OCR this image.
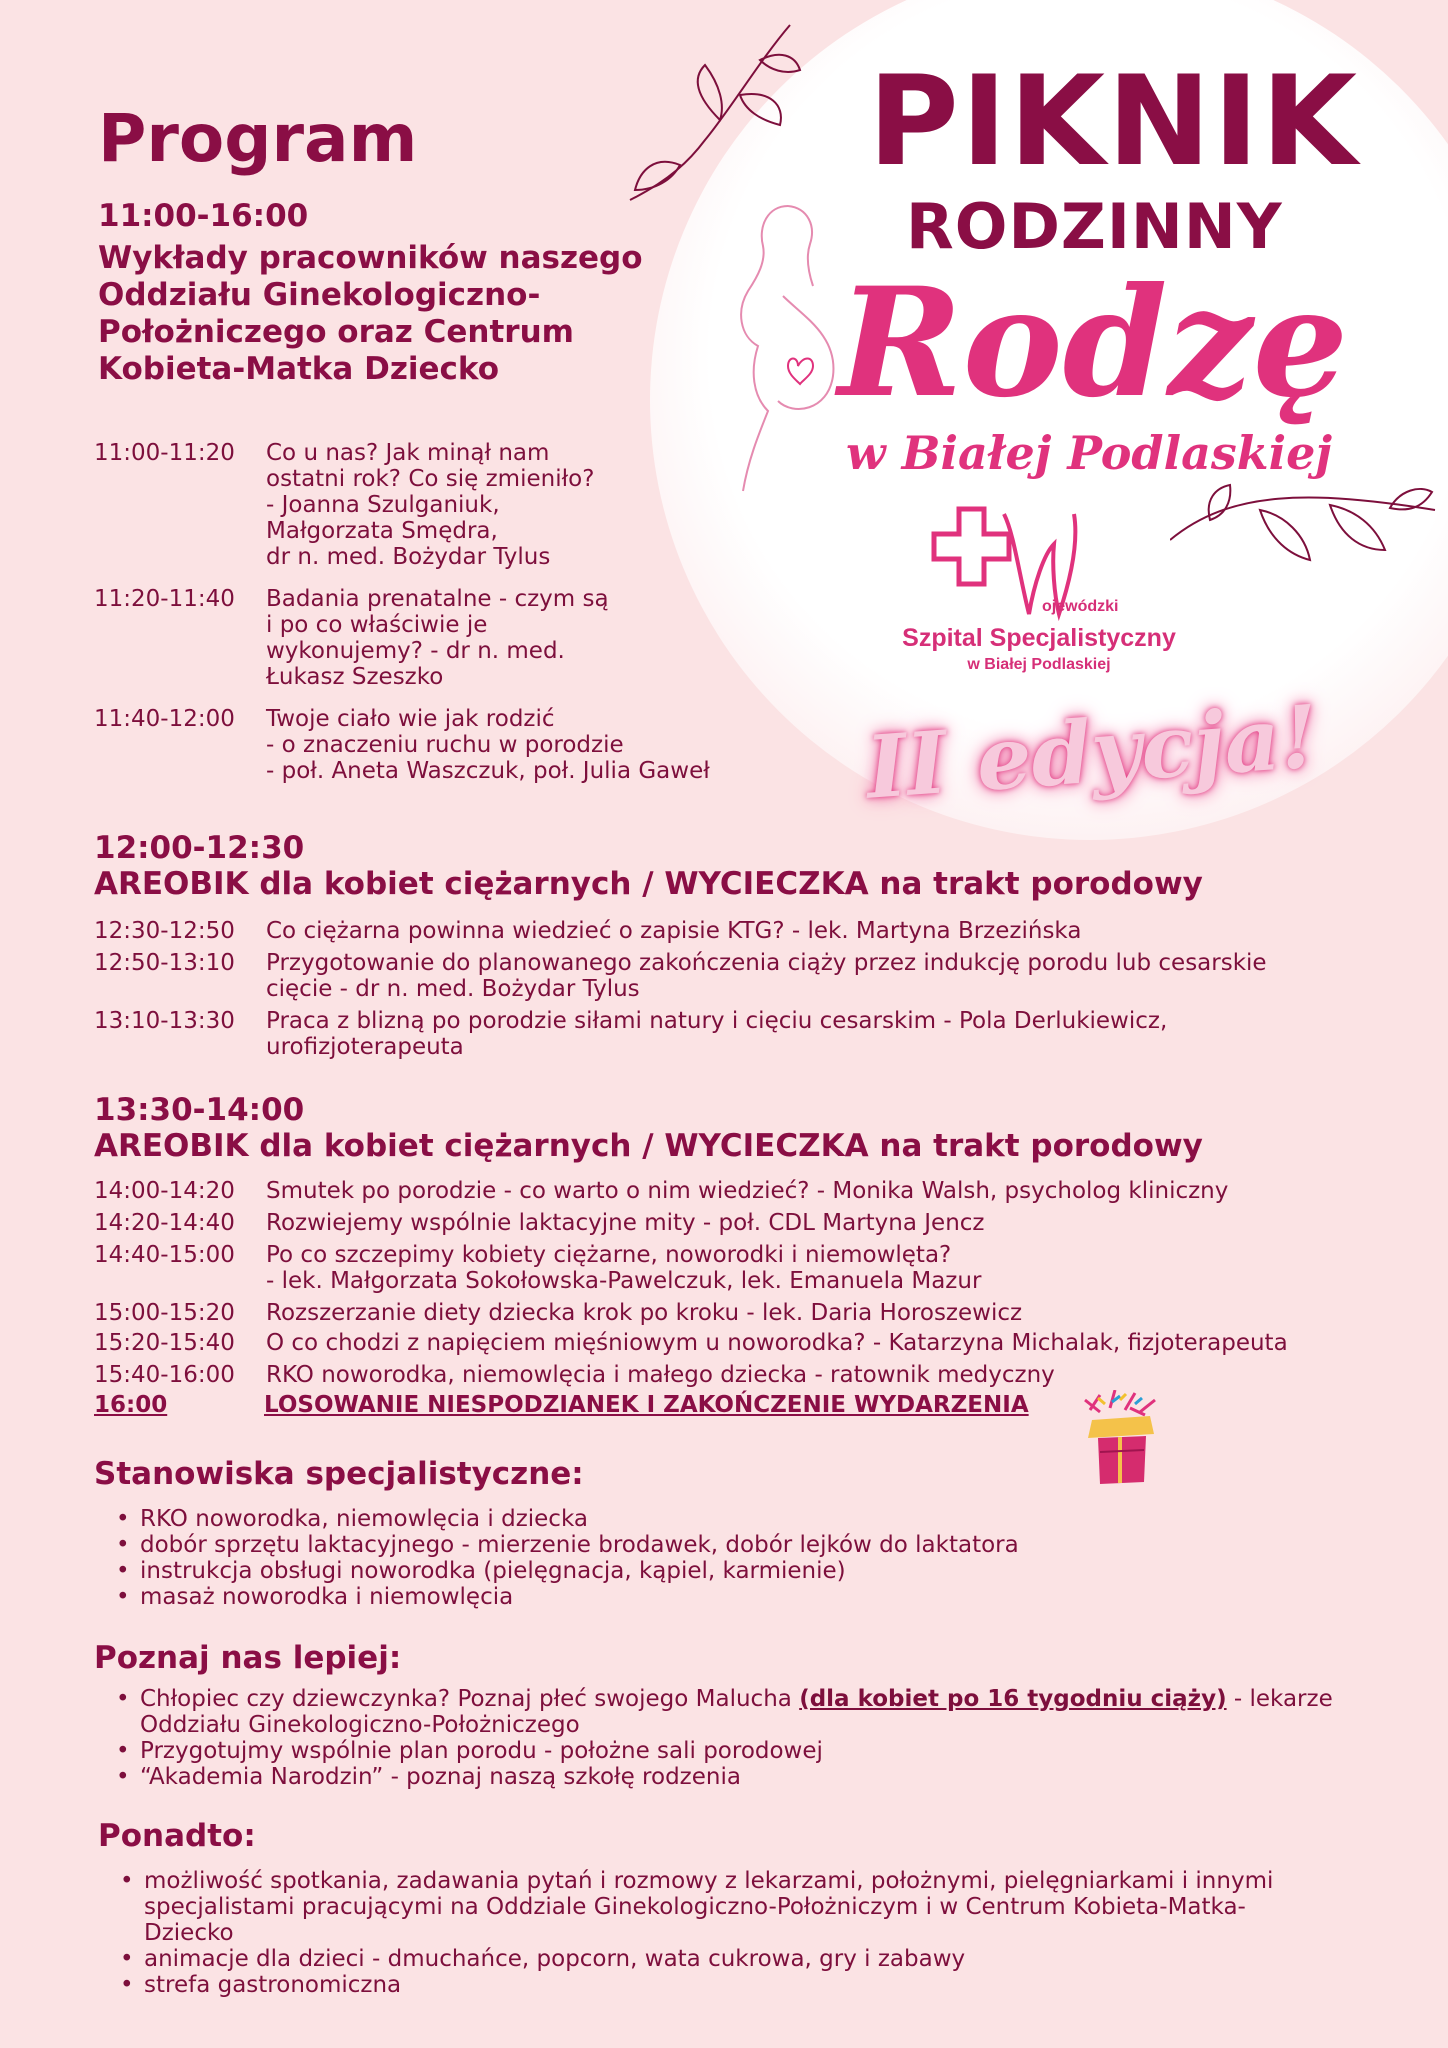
Program	PIKNIK
RODZINNY
Rodzę
w Białej Podlaskiej
ojewódzki
Szpital Specjalistyczny
w Białej Podlaskiej
II edycja!
11:00-16:00
Wykłady pracowników naszego Oddziału Ginekologiczno-Położniczego oraz Centrum Kobieta-Matka Dziecko
11:00-11:20 Co u nas? Jak minął nam
ostatni rok? Co się zmieniło?
- Joanna Szulganiuk,
Małgorzata Smędra,
dr n. med. Bożydar Tylus
11:20-11:40 Badania prenatalne - czym są
i po co właściwie je
wykonujemy? - dr n. med.
Łukasz Szeszko
11:40-12:00 Twoje ciało wie jak rodzić
- o znaczeniu ruchu w porodzie
- poł. Aneta Waszczuk, poł. Julia Gaweł
12:00-12:30
AREOBIK dla kobiet ciężarnych / WYCIECZKA na trakt porodowy
12:30-12:50 Co ciężarna powinna wiedzieć o zapisie KTG? - lek. Martyna Brzezińska
12:50-13:10 Przygotowanie do planowanego zakończenia ciąży przez indukcję porodu lub cesarskie
cięcie - dr n. med. Bożydar Tylus
13:10-13:30 Praca z blizną po porodzie siłami natury i cięciu cesarskim - Pola Derlukiewicz,
urofizjoterapeuta
13:30-14:00
AREOBIK dla kobiet ciężarnych / WYCIECZKA na trakt porodowy
14:00-14:20 Smutek po porodzie - co warto o nim wiedzieć? - Monika Walsh, psycholog kliniczny
14:20-14:40 Rozwiejemy wspólnie laktacyjne mity - poł. CDL Martyna Jencz
14:40-15:00 Po co szczepimy kobiety ciężarne, noworodki i niemowlęta?
- lek. Małgorzata Sokołowska-Pawelczuk, lek. Emanuela Mazur
15:00-15:20 Rozszerzanie diety dziecka krok po kroku - lek. Daria Horoszewicz
15:20-15:40 O co chodzi z napięciem mięśniowym u noworodka? - Katarzyna Michalak, fizjoterapeuta
15:40-16:00 RKO noworodka, niemowlęcia i małego dziecka - ratownik medyczny
16:00	LOSOWANIE NIESPODZIANEK I ZAKOŃCZENIE WYDARZENIA
Stanowiska specjalistyczne:
• RKO noworodka, niemowlęcia i dziecka
• dobór sprzętu laktacyjnego - mierzenie brodawek, dobór lejków do laktatora
• instrukcja obsługi noworodka (pielęgnacja, kąpiel, karmienie)
• masaż noworodka i niemowlęcia
Poznaj nas lepiej:
• Chłopiec czy dziewczynka? Poznaj płeć swojego Malucha (dla kobiet po 16 tygodniu ciąży) - lekarze Oddziału Ginekologiczno-Położniczego
• Przygotujmy wspólnie plan porodu - położne sali porodowej
• “Akademia Narodzin” - poznaj naszą szkołę rodzenia
Ponadto:
• możliwość spotkania, zadawania pytań i rozmowy z lekarzami, położnymi, pielęgniarkami i innymi specjalistami pracującymi na Oddziale Ginekologiczno-Położniczym i w Centrum Kobieta-Matka-Dziecko
• animacje dla dzieci - dmuchańce, popcorn, wata cukrowa, gry i zabawy
• strefa gastronomiczna
